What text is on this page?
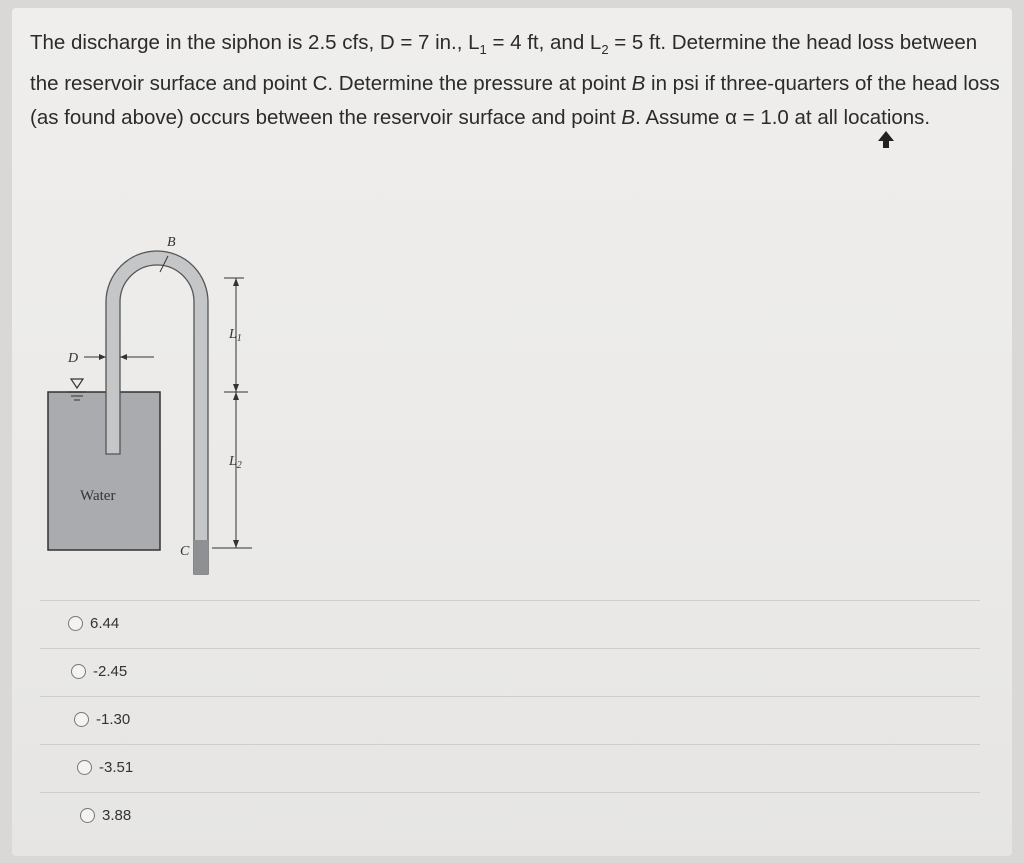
The discharge in the siphon is 2.5 cfs, D = 7 in., $L_1 = 4$ ft, and $L_2 = 5$ ft. Determine the head loss between the reservoir surface and point C. Determine the pressure at point B in psi if three-quarters of the head loss (as found above) occurs between the reservoir surface and point B. Assume α = 1.0 at all locations.
B
D
$L_1$
$L_2$
C
Water
6.44
-2.45
-1.30
-3.51
3.88
